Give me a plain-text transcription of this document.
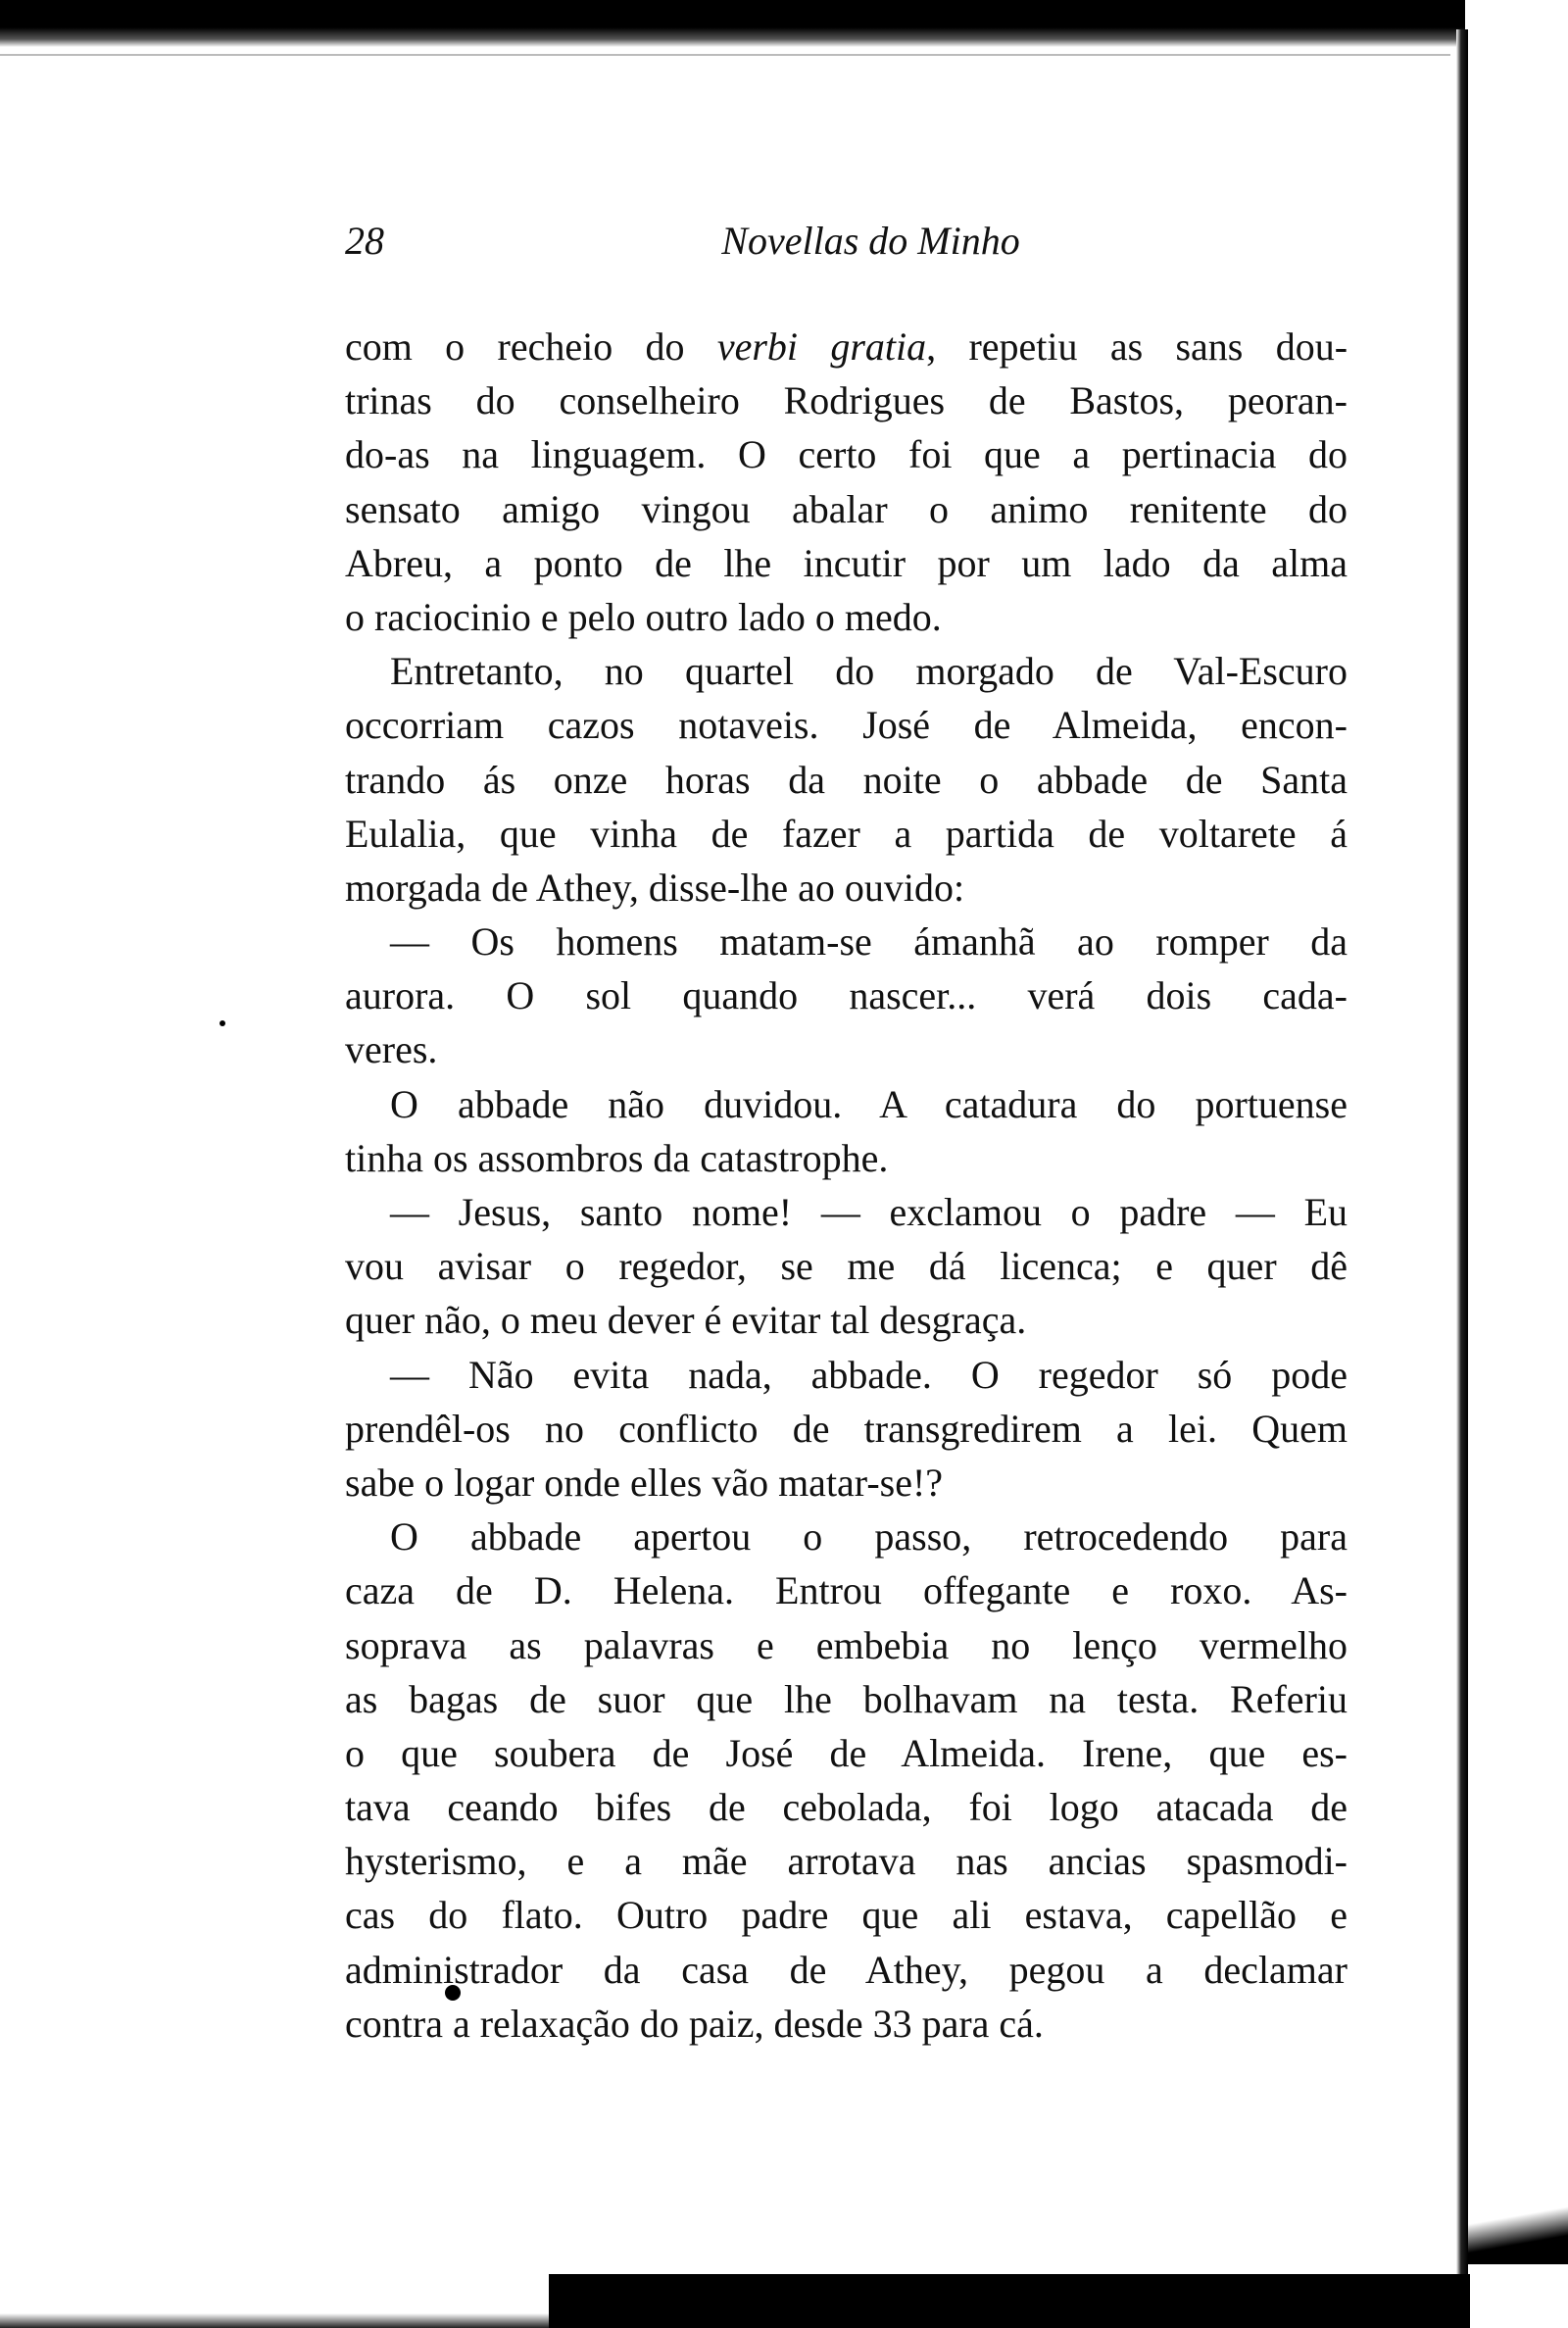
28	Novellas do Minho
com o recheio do verbi gratia, repetiu as sans dou-
trinas do conselheiro Rodrigues de Bastos, peoran-
do-as na linguagem. O certo foi que a pertinacia do
sensato amigo vingou abalar o animo renitente do
Abreu, a ponto de lhe incutir por um lado da alma
o raciocinio e pelo outro lado o medo.
Entretanto, no quartel do morgado de Val-Escuro
occorriam cazos notaveis. José de Almeida, encon-
trando ás onze horas da noite o abbade de Santa
Eulalia, que vinha de fazer a partida de voltarete á
morgada de Athey, disse-lhe ao ouvido:
— Os homens matam-se ámanhã ao romper da
aurora. O sol quando nascer... verá dois cada-
veres.
O abbade não duvidou. A catadura do portuense
tinha os assombros da catastrophe.
— Jesus, santo nome! — exclamou o padre — Eu
vou avisar o regedor, se me dá licenca; e quer dê
quer não, o meu dever é evitar tal desgraça.
— Não evita nada, abbade. O regedor só pode
prendêl-os no conflicto de transgredirem a lei. Quem
sabe o logar onde elles vão matar-se!?
O abbade apertou o passo, retrocedendo para
caza de D. Helena. Entrou offegante e roxo. As-
soprava as palavras e embebia no lenço vermelho
as bagas de suor que lhe bolhavam na testa. Referiu
o que soubera de José de Almeida. Irene, que es-
tava ceando bifes de cebolada, foi logo atacada de
hysterismo, e a mãe arrotava nas ancias spasmodi-
cas do flato. Outro padre que ali estava, capellão e
administrador da casa de Athey, pegou a declamar
contra a relaxação do paiz, desde 33 para cá.
